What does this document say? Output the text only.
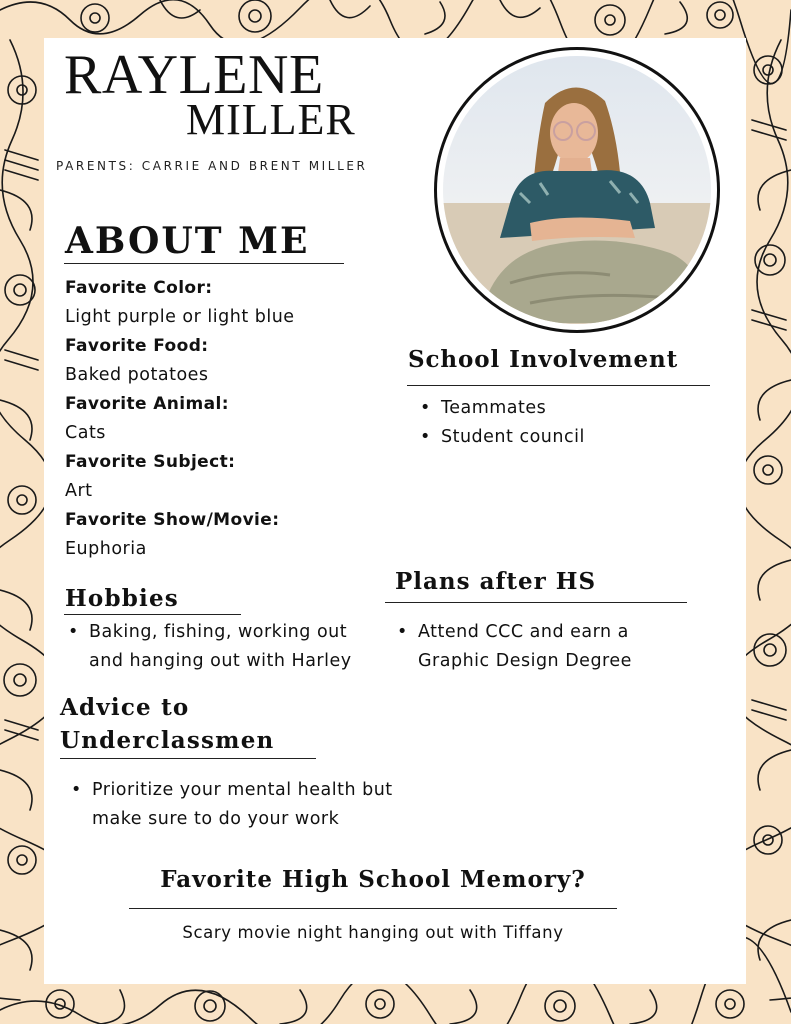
RAYLENE
MILLER
PARENTS: CARRIE AND BRENT MILLER
ABOUT ME
Favorite Color:
Light purple or light blue
Favorite Food:
Baked potatoes
Favorite Animal:
Cats
Favorite Subject:
Art
Favorite Show/Movie:
Euphoria
School Involvement
• Teammates
• Student council
Hobbies
• Baking, fishing, working out and hanging out with Harley
Plans after HS
• Attend CCC and earn a Graphic Design Degree
Advice to Underclassmen
• Prioritize your mental health but make sure to do your work
Favorite High School Memory?
Scary movie night hanging out with Tiffany
